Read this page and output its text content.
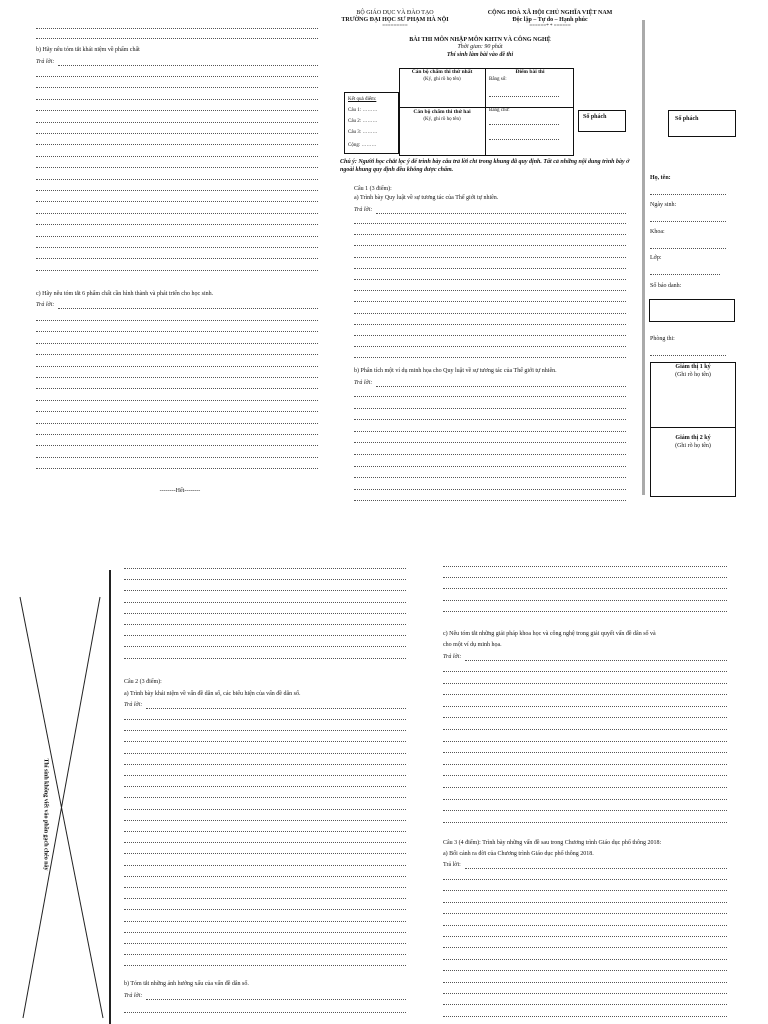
b) Hãy nêu tóm tắt khái niệm về phẩm chất
Trả lời:
c) Hãy nêu tóm tắt 6 phẩm chất cần hình thành và phát triển cho học sinh.
Trả lời:
--------Hết--------
BỘ GIÁO DỤC VÀ ĐÀO TẠO
TRƯỜNG ĐẠI HỌC SƯ PHẠM HÀ NỘI
=========
CỘNG HOÀ XÃ HỘI CHỦ NGHĨA VIỆT NAM
Độc lập – Tự do – Hạnh phúc
======* * ======
BÀI THI MÔN NHẬP MÔN KHTN VÀ CÔNG NGHỆ
Thời gian: 90 phút
Thí sinh làm bài vào đề thi
Kết quả điểm:
Câu 1: ………
Câu 2: ………
Câu 3: ………
Cộng: ………
Cán bộ chấm thi thứ nhất
(Ký, ghi rõ họ tên)
Cán bộ chấm thi thứ hai
(Ký, ghi rõ họ tên)
Điểm bài thi
Bằng số:
Bằng chữ:
Số phách
Chú ý: Người học chắt lọc ý để trình bày câu trả lời chỉ trong khung đã quy định. Tất cả những nội dung trình bày ở ngoài khung quy định đều không được chấm.
Câu 1 (3 điểm):
a) Trình bày Quy luật về sự tương tác của Thế giới tự nhiên.
Trả lời:
b) Phân tích một ví dụ minh họa cho Quy luật về sự tương tác của Thế giới tự nhiên.
Trả lời:
Số phách
Họ, tên:
Ngày sinh:
Khoa:
Lớp:
Số báo danh:
Phòng thi:
Giám thị 1 ký
(Ghi rõ họ tên)
Giám thị 2 ký
(Ghi rõ họ tên)
Thí sinh không viết vào phần gạch chéo này
Câu 2 (3 điểm):
a) Trình bày khái niệm về vấn đề dân số, các biểu hiện của vấn đề dân số.
Trả lời:
b) Tóm tắt những ảnh hưởng xấu của vấn đề dân số.
Trả lời:
c) Nêu tóm tắt những giải pháp khoa học và công nghệ trong giải quyết vấn đề dân số và
cho một ví dụ minh họa.
Trả lời:
Câu 3 (4 điểm): Trình bày những vấn đề sau trong Chương trình Giáo dục phổ thông 2018:
a) Bối cảnh ra đời của Chương trình Giáo dục phổ thông 2018.
Trả lời:
